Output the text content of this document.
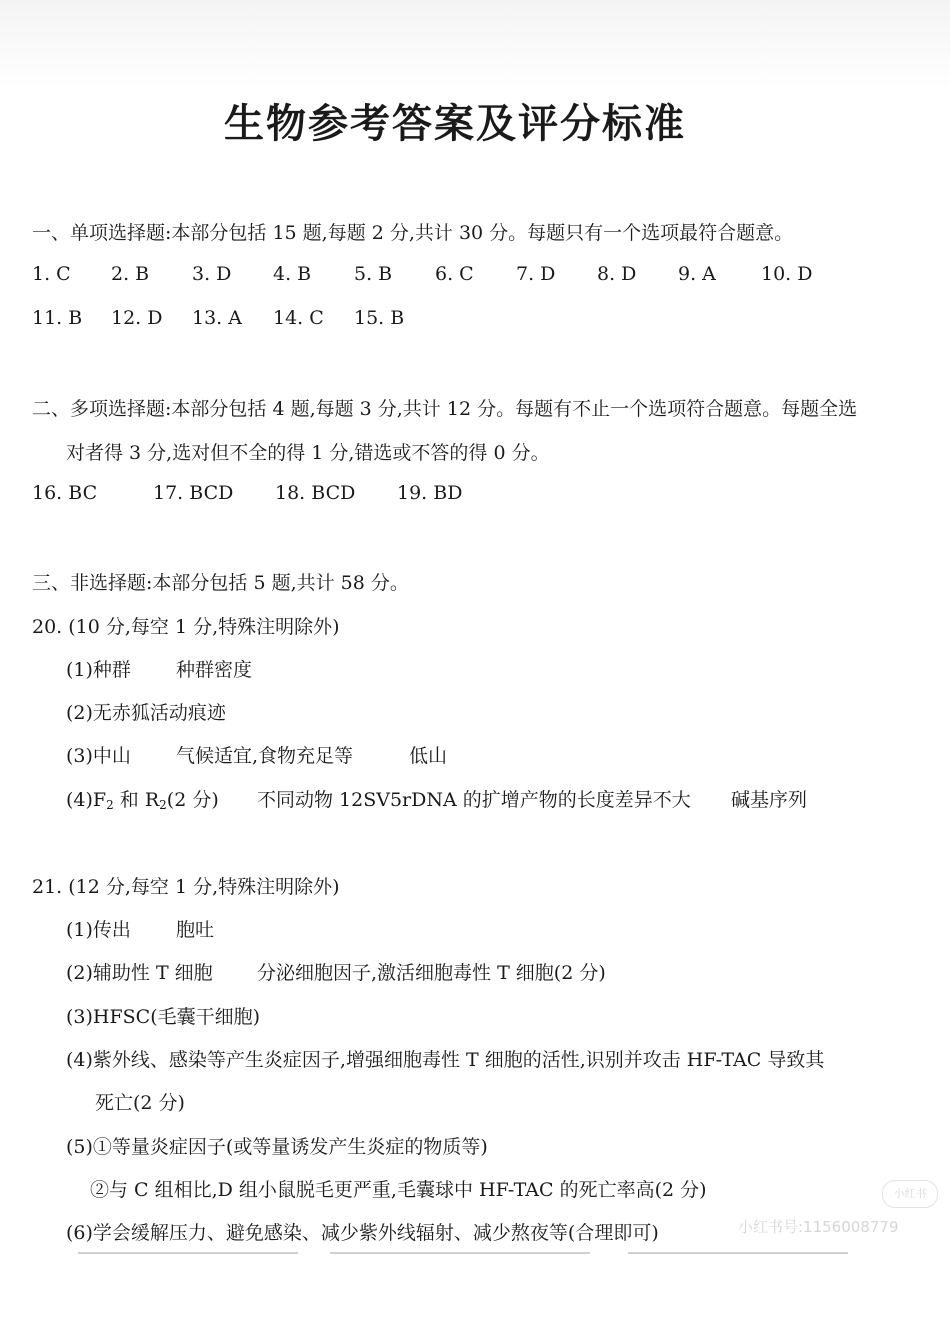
生物参考答案及评分标准
一、单项选择题:本部分包括 15 题,每题 2 分,共计 30 分。每题只有一个选项最符合题意。
1. C 2. B 3. D 4. B 5. B 6. C 7. D 8. D 9. A 10. D
11. B 12. D 13. A 14. C 15. B
二、多项选择题:本部分包括 4 题,每题 3 分,共计 12 分。每题有不止一个选项符合题意。每题全选
对者得 3 分,选对但不全的得 1 分,错选或不答的得 0 分。
16. BC	17. BCD 18. BCD 19. BD
三、非选择题:本部分包括 5 题,共计 58 分。
20. (10 分,每空 1 分,特殊注明除外)
(1)种群 种群密度
(2)无赤狐活动痕迹
(3)中山 气候适宜,食物充足等	低山
$(4)F_2$ 和 $R_2(2$ 分) 不同动物 12SV5rDNA 的扩增产物的长度差异不大 碱基序列
21. (12 分,每空 1 分,特殊注明除外)
(1)传出 胞吐
(2)辅助性 T 细胞 分泌细胞因子,激活细胞毒性 T 细胞(2 分)
(3)HFSC(毛囊干细胞)
(4)紫外线、感染等产生炎症因子,增强细胞毒性 T 细胞的活性,识别并攻击 HF-TAC 导致其
死亡(2 分)
(5)①等量炎症因子(或等量诱发产生炎症的物质等)
②与 C 组相比,D 组小鼠脱毛更严重,毛囊球中 HF-TAC 的死亡率高(2 分)
(6)学会缓解压力、避免感染、减少紫外线辐射、减少熬夜等(合理即可)
小红书
小红书号:1156008779
